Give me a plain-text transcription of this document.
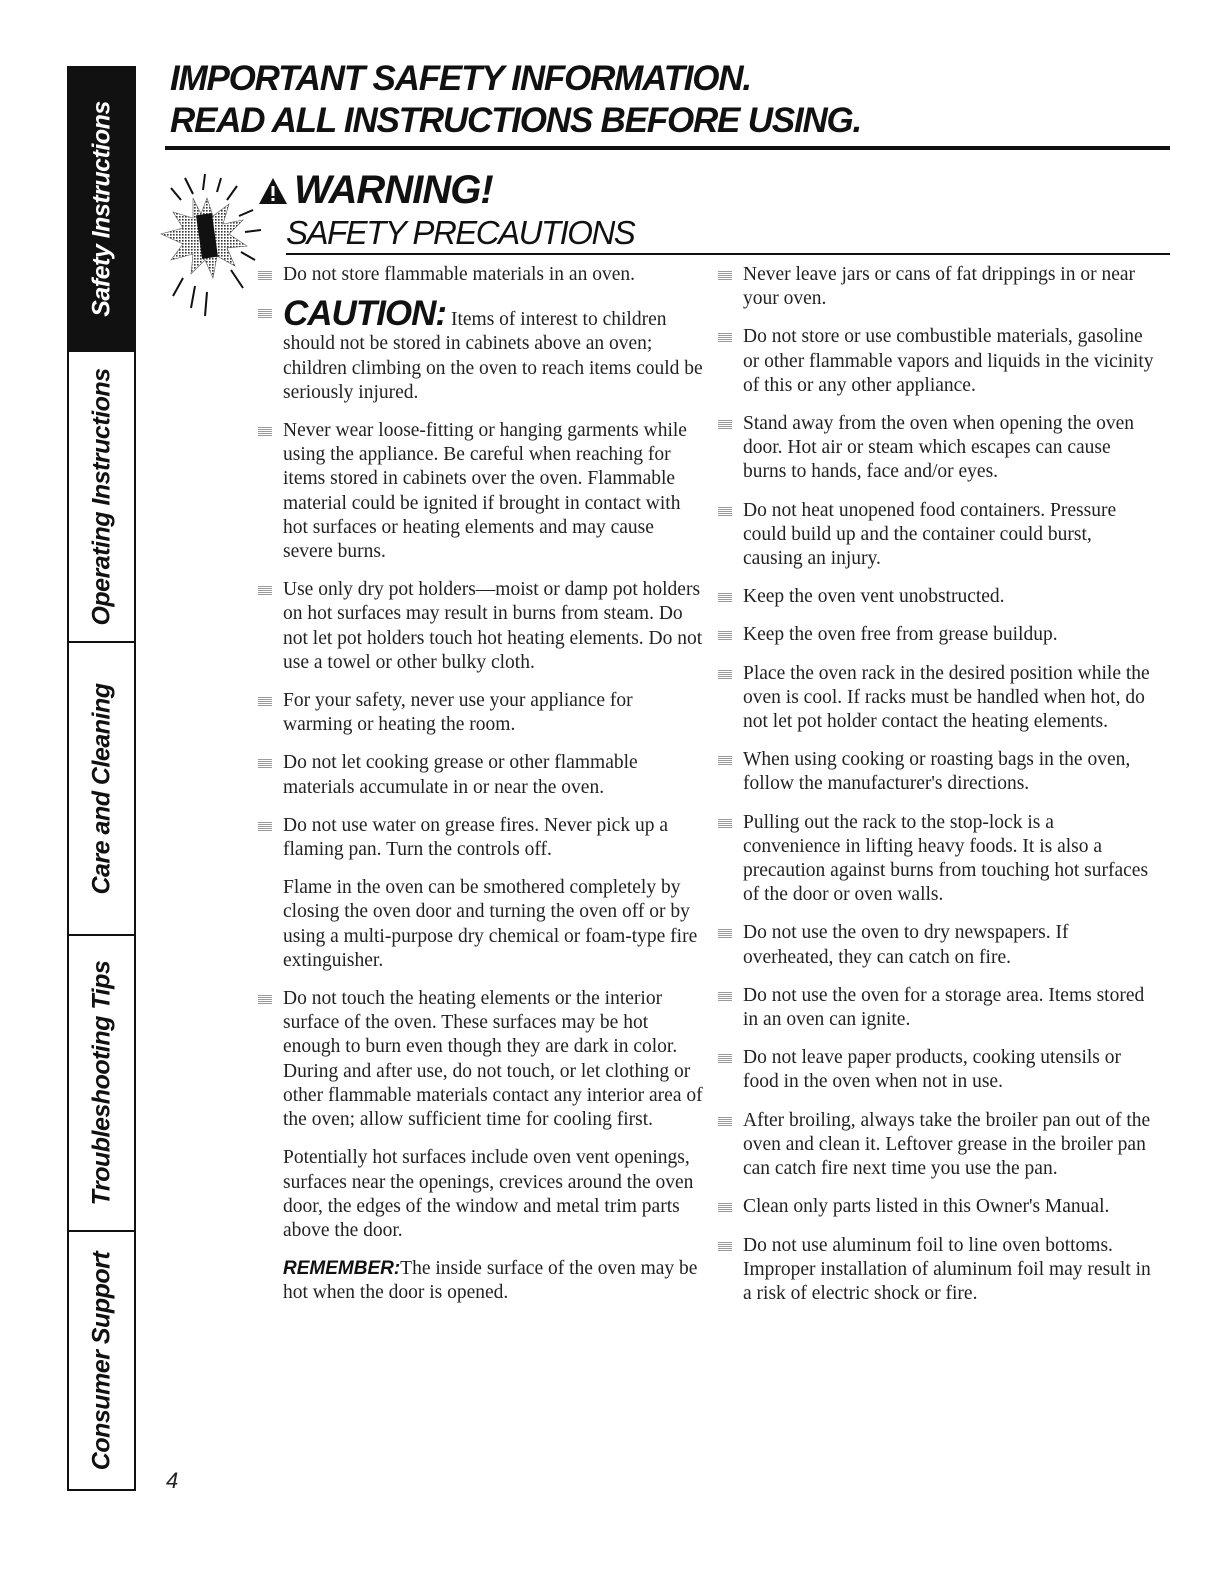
Safety Instructions
Operating Instructions
Care and Cleaning
Troubleshooting Tips
Consumer Support
IMPORTANT SAFETY INFORMATION.
READ ALL INSTRUCTIONS BEFORE USING.
WARNING!
SAFETY PRECAUTIONS

Do not store flammable materials in an oven.

CAUTION: Items of interest to children should not be stored in cabinets above an oven; children climbing on the oven to reach items could be seriously injured.

Never wear loose-fitting or hanging garments while using the appliance. Be careful when reaching for items stored in cabinets over the oven. Flammable material could be ignited if brought in contact with hot surfaces or heating elements and may cause severe burns.

Use only dry pot holders—moist or damp pot holders on hot surfaces may result in burns from steam. Do not let pot holders touch hot heating elements. Do not use a towel or other bulky cloth.

For your safety, never use your appliance for warming or heating the room.

Do not let cooking grease or other flammable materials accumulate in or near the oven.

Do not use water on grease fires. Never pick up a flaming pan. Turn the controls off.

Flame in the oven can be smothered completely by closing the oven door and turning the oven off or by using a multi-purpose dry chemical or foam-type fire extinguisher.

Do not touch the heating elements or the interior surface of the oven. These surfaces may be hot enough to burn even though they are dark in color. During and after use, do not touch, or let clothing or other flammable materials contact any interior area of the oven; allow sufficient time for cooling first.

Potentially hot surfaces include oven vent openings, surfaces near the openings, crevices around the oven door, the edges of the window and metal trim parts above the door.

REMEMBER:The inside surface of the oven may be hot when the door is opened.

Never leave jars or cans of fat drippings in or near your oven.

Do not store or use combustible materials, gasoline or other flammable vapors and liquids in the vicinity of this or any other appliance.

Stand away from the oven when opening the oven door. Hot air or steam which escapes can cause burns to hands, face and/or eyes.

Do not heat unopened food containers. Pressure could build up and the container could burst, causing an injury.

Keep the oven vent unobstructed.

Keep the oven free from grease buildup.

Place the oven rack in the desired position while the oven is cool. If racks must be handled when hot, do not let pot holder contact the heating elements.

When using cooking or roasting bags in the oven, follow the manufacturer's directions.

Pulling out the rack to the stop-lock is a convenience in lifting heavy foods. It is also a precaution against burns from touching hot surfaces of the door or oven walls.

Do not use the oven to dry newspapers. If overheated, they can catch on fire.

Do not use the oven for a storage area. Items stored in an oven can ignite.

Do not leave paper products, cooking utensils or food in the oven when not in use.

After broiling, always take the broiler pan out of the oven and clean it. Leftover grease in the broiler pan can catch fire next time you use the pan.

Clean only parts listed in this Owner's Manual.

Do not use aluminum foil to line oven bottoms. Improper installation of aluminum foil may result in a risk of electric shock or fire.

4
